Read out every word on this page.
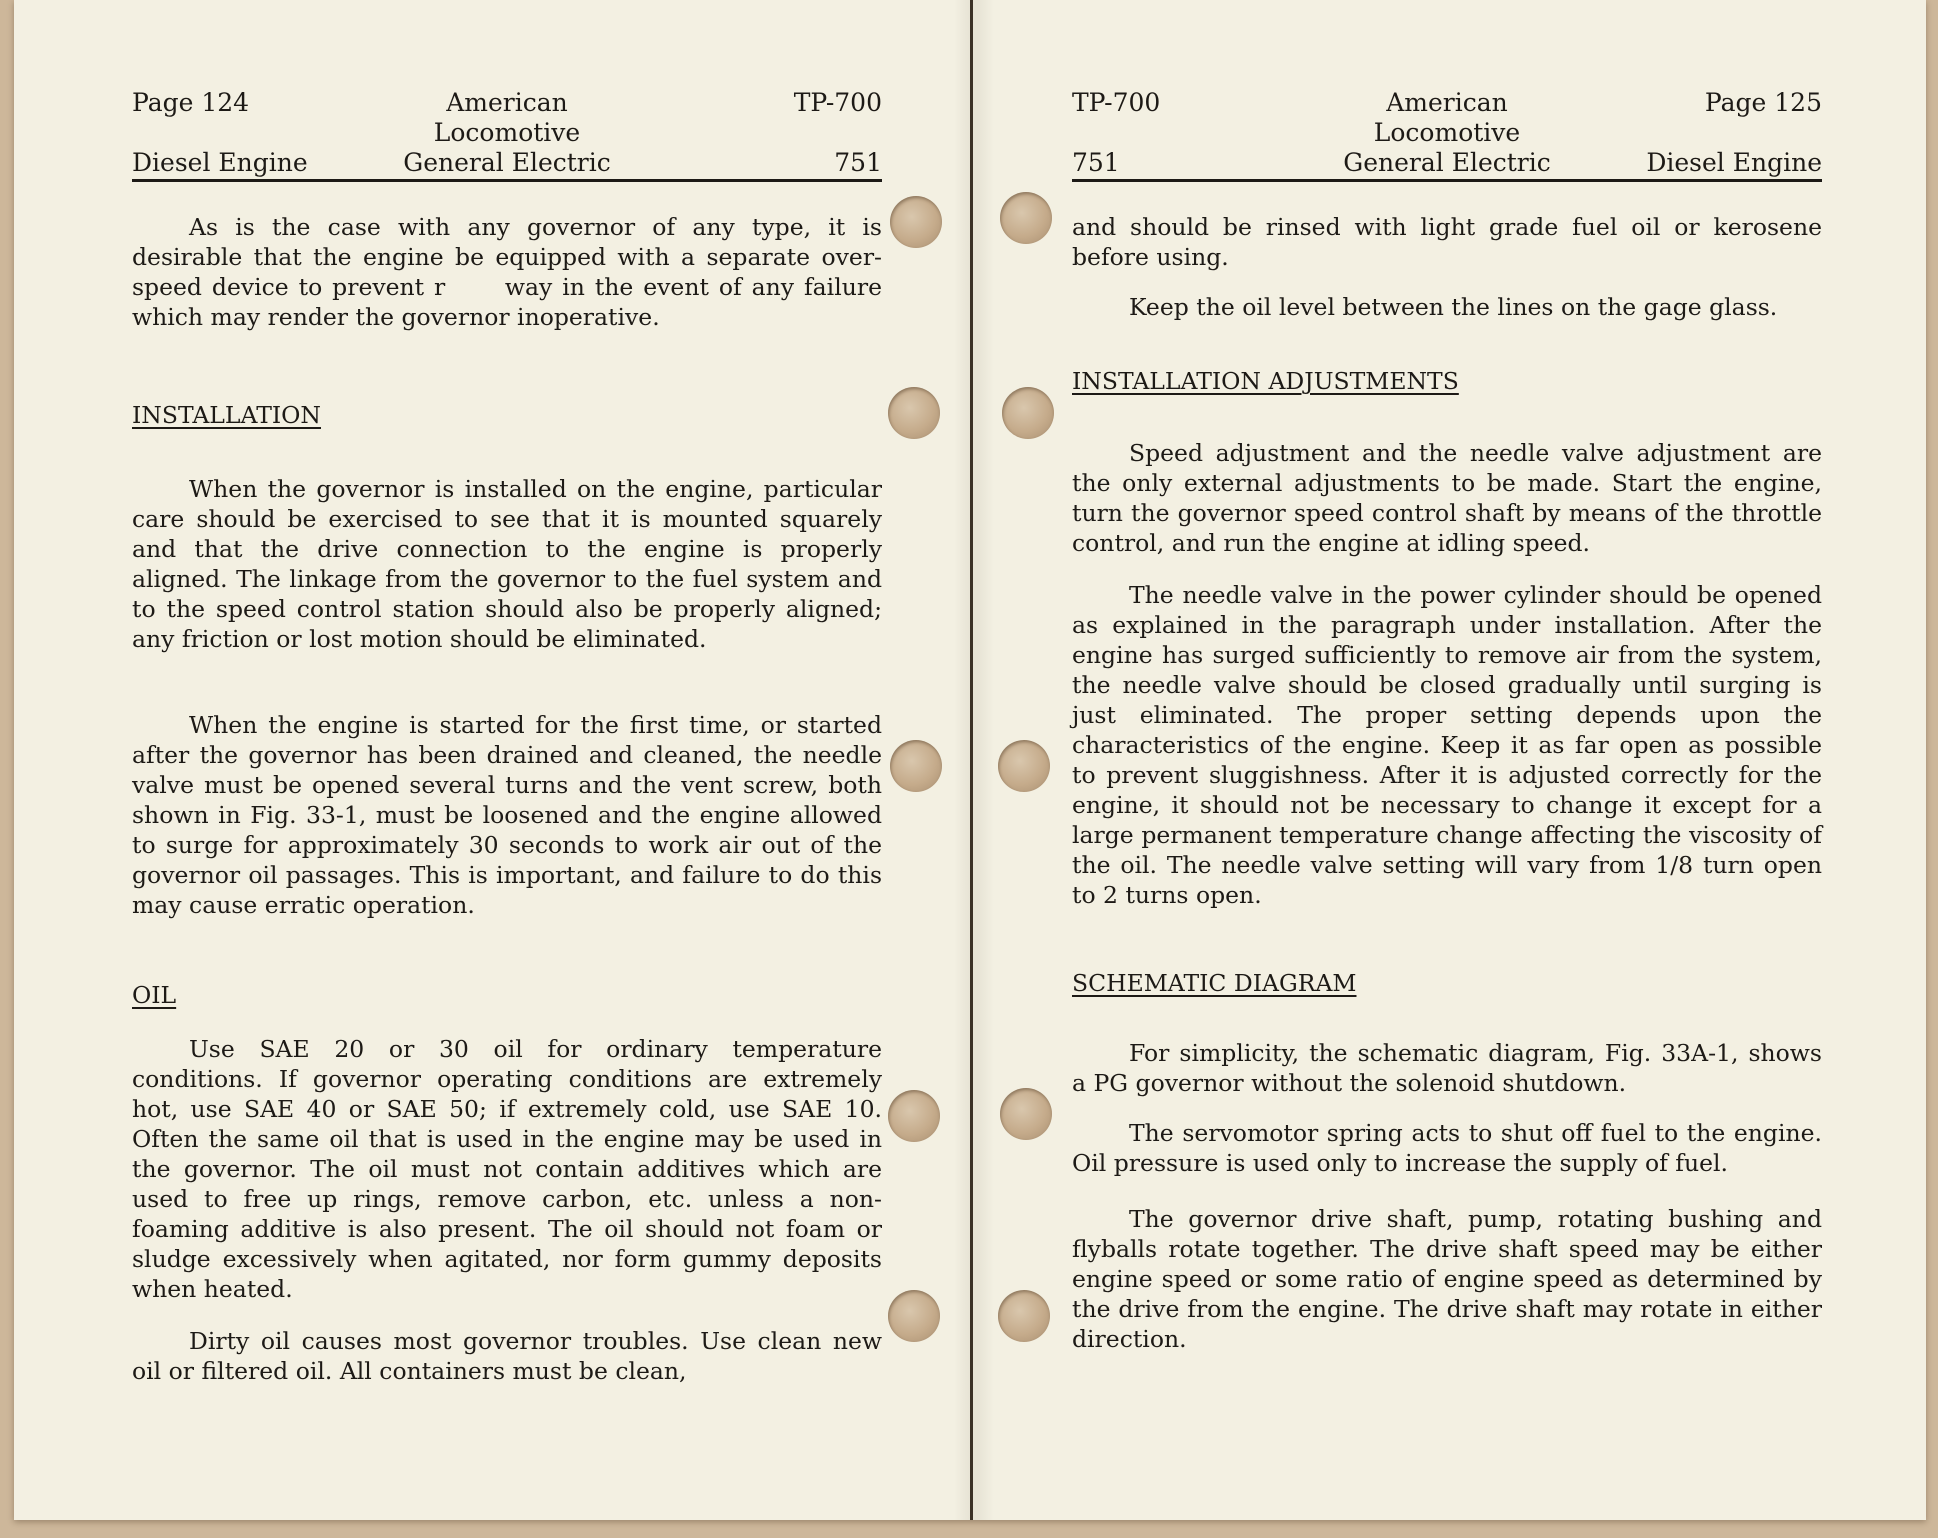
Page 124	American Locomotive
TP-700
Diesel Engine	General Electric	751

As is the case with any governor of any type, it is desirable that the engine be equipped with a separate over-speed device to prevent r      way in the event of any failure which may render the governor inoperative.

INSTALLATION

When the governor is installed on the engine, particular care should be exercised to see that it is mounted squarely and that the drive connection to the engine is properly aligned. The linkage from the governor to the fuel system and to the speed control station should also be properly aligned; any friction or lost motion should be eliminated.

When the engine is started for the first time, or started after the governor has been drained and cleaned, the needle valve must be opened several turns and the vent screw, both shown in Fig. 33-1, must be loosened and the engine allowed to surge for approximately 30 seconds to work air out of the governor oil passages. This is important, and failure to do this may cause erratic operation.

OIL

Use SAE 20 or 30 oil for ordinary temperature conditions. If governor operating conditions are extremely hot, use SAE 40 or SAE 50; if extremely cold, use SAE 10. Often the same oil that is used in the engine may be used in the governor. The oil must not contain additives which are used to free up rings, remove carbon, etc. unless a non-foaming additive is also present. The oil should not foam or sludge excessively when agitated, nor form gummy deposits when heated.

Dirty oil causes most governor troubles. Use clean new oil or filtered oil. All containers must be clean,

TP-700	American Locomotive
Page 125
751	General Electric	Diesel Engine

and should be rinsed with light grade fuel oil or kerosene before using.

Keep the oil level between the lines on the gage glass.

INSTALLATION ADJUSTMENTS

Speed adjustment and the needle valve adjustment are the only external adjustments to be made. Start the engine, turn the governor speed control shaft by means of the throttle control, and run the engine at idling speed.

The needle valve in the power cylinder should be opened as explained in the paragraph under installation. After the engine has surged sufficiently to remove air from the system, the needle valve should be closed gradually until surging is just eliminated. The proper setting depends upon the characteristics of the engine. Keep it as far open as possible to prevent sluggishness. After it is adjusted correctly for the engine, it should not be necessary to change it except for a large permanent temperature change affecting the viscosity of the oil. The needle valve setting will vary from 1/8 turn open to 2 turns open.

SCHEMATIC DIAGRAM

For simplicity, the schematic diagram, Fig. 33A-1, shows a PG governor without the solenoid shutdown.

The servomotor spring acts to shut off fuel to the engine. Oil pressure is used only to increase the supply of fuel.

The governor drive shaft, pump, rotating bushing and flyballs rotate together. The drive shaft speed may be either engine speed or some ratio of engine speed as determined by the drive from the engine. The drive shaft may rotate in either direction.
